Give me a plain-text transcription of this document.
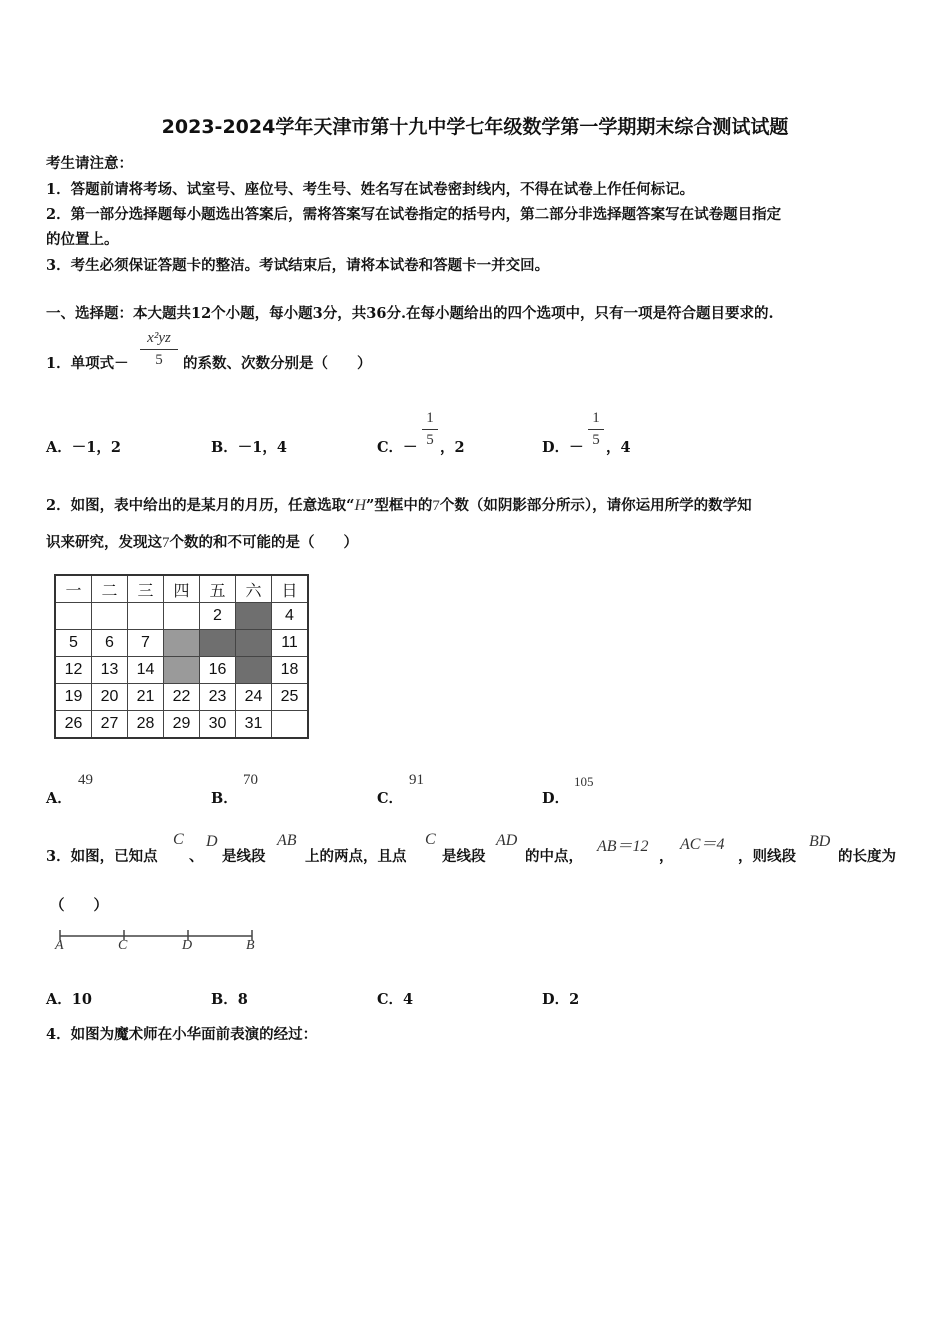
2023-2024学年天津市第十九中学七年级数学第一学期期末综合测试试题
考生请注意：
1．答题前请将考场、试室号、座位号、考生号、姓名写在试卷密封线内，不得在试卷上作任何标记。
2．第一部分选择题每小题选出答案后，需将答案写在试卷指定的括号内，第二部分非选择题答案写在试卷题目指定
的位置上。
3．考生必须保证答题卡的整洁。考试结束后，请将本试卷和答题卡一并交回。
一、选择题：本大题共12个小题，每小题3分，共36分.在每小题给出的四个选项中，只有一项是符合题目要求的.
1．单项式－
x²yz
5	的系数、次数分别是（　　）
A．－1，2	B．－1，4	C．－
1
5 ，2	D．－
1
5 ，4
2．如图，表中给出的是某月的月历，任意选取“H”型框中的7个数（如阴影部分所示），请你运用所学的数学知
识来研究，发现这7个数的和不可能的是（　　）
一	二	三	四	五	六	日
				2		4
5	6	7				11
12	13	14		16		18
19	20	21	22	23	24	25
26	27	28	29	30	31	
A．
49
B．
70
C．
91
D．
105
3．如图，已知点
C
、
D
是线段
AB
上的两点，且点
C
是线段
AD
的中点，
AB＝12
，
AC＝4
，则线段
BD
的长度为
（　　）
A	C	D	B
A．10	B．8	C．4	D．2
4．如图为魔术师在小华面前表演的经过：
